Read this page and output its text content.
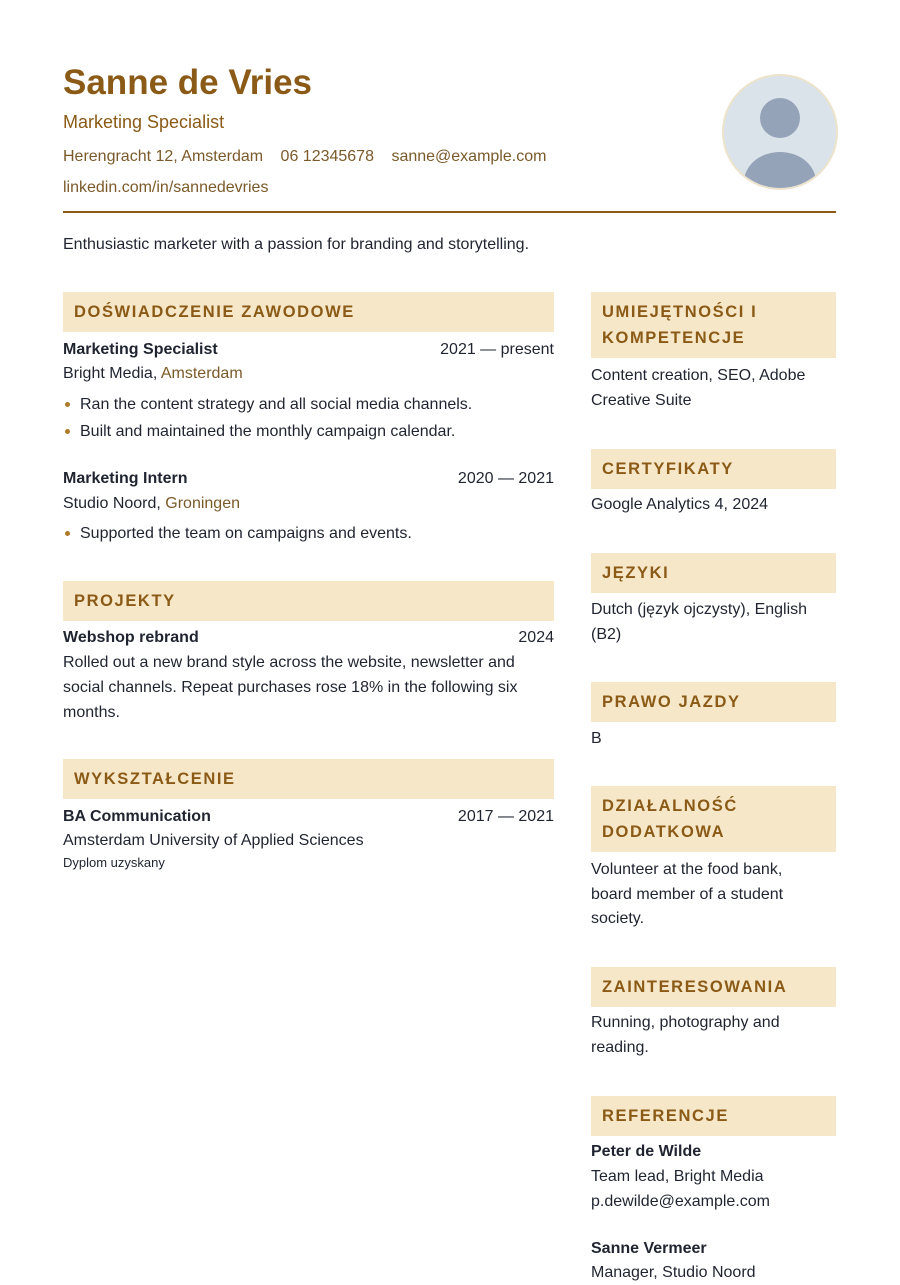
Sanne de Vries
Marketing Specialist
Herengracht 12, Amsterdam 06 12345678 sanne@example.com
linkedin.com/in/sannedevries
Enthusiastic marketer with a passion for branding and storytelling.
DOŚWIADCZENIE ZAWODOWE
Marketing Specialist	2021 — present
Bright Media, Amsterdam
Ran the content strategy and all social media channels.
Built and maintained the monthly campaign calendar.
Marketing Intern	2020 — 2021
Studio Noord, Groningen
Supported the team on campaigns and events.
PROJEKTY
Webshop rebrand	2024
Rolled out a new brand style across the website, newsletter and
social channels. Repeat purchases rose 18% in the following six
months.
WYKSZTAŁCENIE
BA Communication	2017 — 2021
Amsterdam University of Applied Sciences
Dyplom uzyskany
UMIEJĘTNOŚCI I
KOMPETENCJE
Content creation, SEO, Adobe
Creative Suite
CERTYFIKATY
Google Analytics 4, 2024
JĘZYKI
Dutch (język ojczysty), English
(B2)
PRAWO JAZDY
B
DZIAŁALNOŚĆ
DODATKOWA
Volunteer at the food bank,
board member of a student
society.
ZAINTERESOWANIA
Running, photography and
reading.
REFERENCJE
Peter de Wilde
Team lead, Bright Media
p.dewilde@example.com
Sanne Vermeer
Manager, Studio Noord
